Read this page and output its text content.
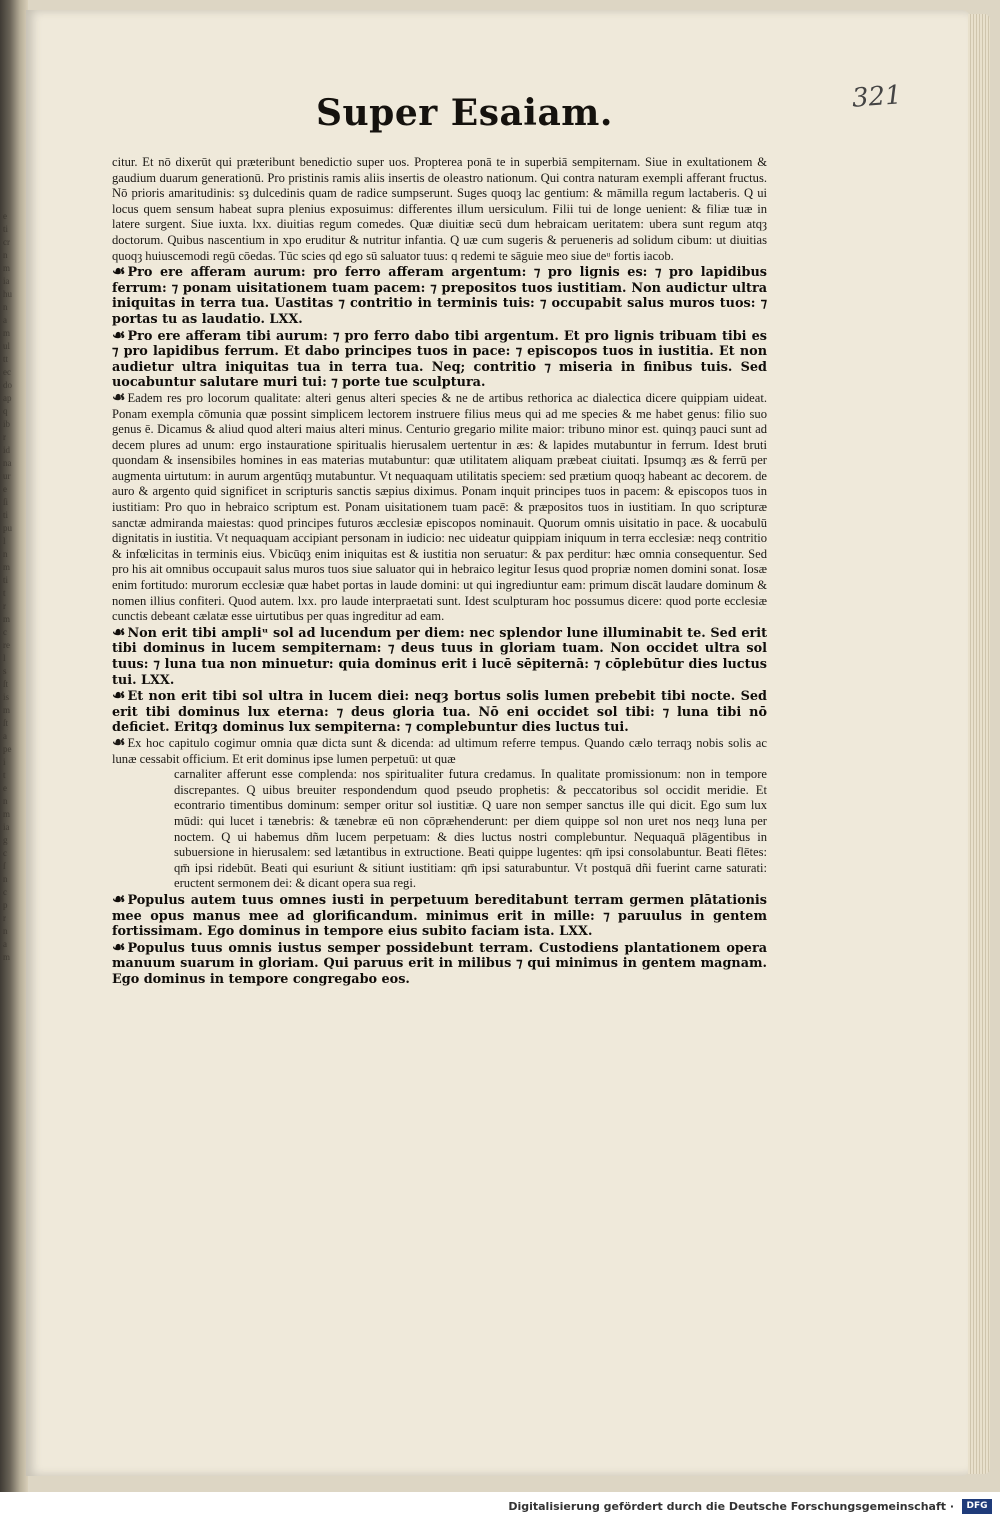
e
ti
cr
n
m
ia
hu
n
a
m
ul
tt
ec
do
ap
q
ib
r
id
na
ur
e
ſi
ti
pu
l
n
m
ti
t
r
m
c
re
l
s
ſt
is
m
ſt
a
pe
i
t
e
n
m
ia
g
c
ſ
n
c
p
r
n
a
m
321
Super Esaiam.

citur. Et nō dixerūt qui præteribunt benedictio super uos. Propterea ponā te in superbiā sempiternam. Siue in exultationem & gaudium duarum generationū. Pro pristinis ramis aliis insertis de oleastro nationum. Qui contra naturam exempli afferant fructus. Nō prioris amaritudinis: sȝ dulcedinis quam de radice sumpserunt. Suges quoqȝ lac gentium: & māmilla regum lactaberis. Q ui locus quem sensum habeat supra plenius exposuimus: differentes illum uersiculum. Filii tui de longe uenient: & filiæ tuæ in latere surgent. Siue iuxta. lxx. diuitias regum comedes. Quæ diuitiæ secū dum hebraicam ueritatem: ubera sunt regum atqȝ doctorum. Quibus nascentium in xpo eruditur & nutritur infantia. Q uæ cum sugeris & perueneris ad solidum cibum: ut diuitias quoqȝ huiuscemodi regū cōedas. Tūc scies qd ego sū saluator tuus: q redemi te sāguie meo siue deᵘ fortis iacob.

☙ Pro ere afferam aurum: pro ferro afferam argentum: ⁊ pro lignis es: ⁊ pro lapidibus ferrum: ⁊ ponam uisitationem tuam pacem: ⁊ prepositos tuos iustitiam. Non audictur ultra iniquitas in terra tua. Uastitas ⁊ contritio in terminis tuis: ⁊ occupabit salus muros tuos: ⁊ portas tu as laudatio. LXX.

☙ Pro ere afferam tibi aurum: ⁊ pro ferro dabo tibi argentum. Et pro lignis tribuam tibi es ⁊ pro lapidibus ferrum. Et dabo principes tuos in pace: ⁊ episcopos tuos in iustitia. Et non audietur ultra iniquitas tua in terra tua. Neq; contritio ⁊ miseria in finibus tuis. Sed uocabuntur salutare muri tui: ⁊ porte tue sculptura.

☙ Eadem res pro locorum qualitate: alteri genus alteri species & ne de artibus rethorica ac dialectica dicere quippiam uideat. Ponam exempla cōmunia quæ possint simplicem lectorem instruere filius meus qui ad me species & me habet genus: filio suo genus ē. Dicamus & aliud quod alteri maius alteri minus. Centurio gregario milite maior: tribuno minor est. quinqȝ pauci sunt ad decem plures ad unum: ergo instauratione spiritualis hierusalem uertentur in æs: & lapides mutabuntur in ferrum. Idest bruti quondam & insensibiles homines in eas materias mutabuntur: quæ utilitatem aliquam præbeat ciuitati. Ipsumqȝ æs & ferrū per augmenta uirtutum: in aurum argentūqȝ mutabuntur. Vt nequaquam utilitatis speciem: sed prætium quoqȝ habeant ac decorem. de auro & argento quid significet in scripturis sanctis sæpius diximus. Ponam inquit principes tuos in pacem: & episcopos tuos in iustitiam: Pro quo in hebraico scriptum est. Ponam uisitationem tuam pacē: & præpositos tuos in iustitiam. In quo scripturæ sanctæ admiranda maiestas: quod principes futuros æcclesiæ episcopos nominauit. Quorum omnis uisitatio in pace. & uocabulū dignitatis in iustitia. Vt nequaquam accipiant personam in iudicio: nec uideatur quippiam iniquum in terra ecclesiæ: neqȝ contritio & infœlicitas in terminis eius. Vbicūqȝ enim iniquitas est & iustitia non seruatur: & pax perditur: hæc omnia consequentur. Sed pro his ait omnibus occupauit salus muros tuos siue saluator qui in hebraico legitur Iesus quod propriæ nomen domini sonat. Iosæ enim fortitudo: murorum ecclesiæ quæ habet portas in laude domini: ut qui ingrediuntur eam: primum discāt laudare dominum & nomen illius confiteri. Quod autem. lxx. pro laude interpraetati sunt. Idest sculpturam hoc possumus dicere: quod porte ecclesiæ cunctis debeant cælatæ esse uirtutibus per quas ingreditur ad eam.

☙ Non erit tibi ampliᵘ sol ad lucendum per diem: nec splendor lune illuminabit te. Sed erit tibi dominus in lucem sempiternam: ⁊ deus tuus in gloriam tuam. Non occidet ultra sol tuus: ⁊ luna tua non minuetur: quia dominus erit i lucē sēpiternā: ⁊ cōplebūtur dies luctus tui. LXX.

☙ Et non erit tibi sol ultra in lucem diei: neqȝ bortus solis lumen prebebit tibi nocte. Sed erit tibi dominus lux eterna: ⁊ deus gloria tua. Nō eni occidet sol tibi: ⁊ luna tibi nō deficiet. Eritqȝ dominus lux sempiterna: ⁊ complebuntur dies luctus tui.

☙ Ex hoc capitulo cogimur omnia quæ dicta sunt & dicenda: ad ultimum referre tempus. Quando cælo terraqȝ nobis solis ac lunæ cessabit officium. Et erit dominus ipse lumen perpetuū: ut quæ

carnaliter afferunt esse complenda: nos spiritualiter futura credamus. In qualitate promissionum: non in tempore discrepantes. Q uibus breuiter respondendum quod pseudo prophetis: & peccatoribus sol occidit meridie. Et econtrario timentibus dominum: semper oritur sol iustitiæ. Q uare non semper sanctus ille qui dicit. Ego sum lux mūdi: qui lucet i tænebris: & tænebræ eū non cōpræhenderunt: per diem quippe sol non uret nos neqȝ luna per noctem. Q ui habemus dñm lucem perpetuam: & dies luctus nostri complebuntur. Nequaquā plāgentibus in subuersione in hierusalem: sed lætantibus in extructione. Beati quippe lugentes: qm̄ ipsi consolabuntur. Beati flētes: qm̄ ipsi ridebūt. Beati qui esuriunt & sitiunt iustitiam: qm̄ ipsi saturabuntur. Vt postquā dñi fuerint carne saturati: eructent sermonem dei: & dicant opera sua regi.

☙ Populus autem tuus omnes iusti in perpetuum bereditabunt terram germen plātationis mee opus manus mee ad glorificandum. minimus erit in mille: ⁊ paruulus in gentem fortissimam. Ego dominus in tempore eius subito faciam ista. LXX.

☙ Populus tuus omnis iustus semper possidebunt terram. Custodiens plantationem opera manuum suarum in gloriam. Qui paruus erit in milibus ⁊ qui minimus in gentem magnam. Ego dominus in tempore congregabo eos.

Digitalisierung gefördert durch die Deutsche Forschungsgemeinschaft ·	DFG
